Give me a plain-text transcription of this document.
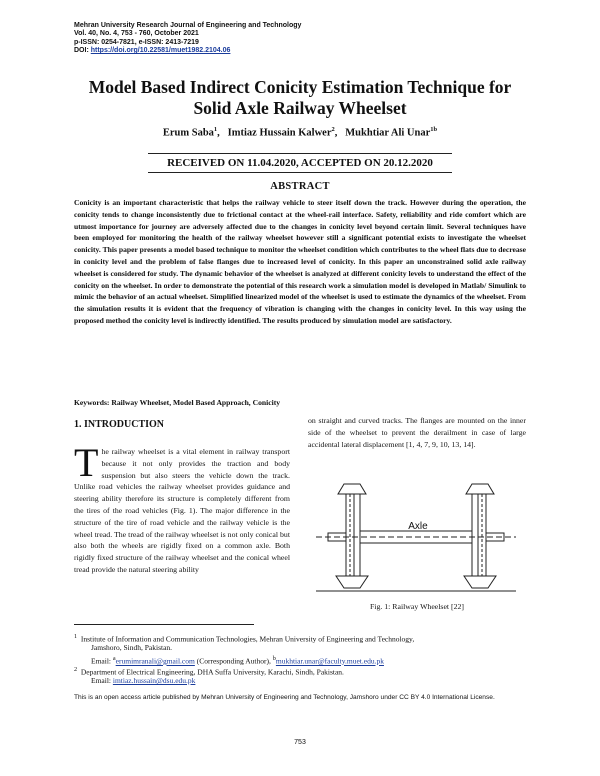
Mehran University Research Journal of Engineering and Technology
Vol. 40, No. 4, 753 - 760, October 2021
p-ISSN: 0254-7821, e-ISSN: 2413-7219
DOI: https://doi.org/10.22581/muet1982.2104.06
Model Based Indirect Conicity Estimation Technique for
Solid Axle Railway Wheelset
Erum Saba$^1$,   Imtiaz Hussain Kalwer$^2$,   Mukhtiar Ali Unar$^{1b}$
RECEIVED ON 11.04.2020, ACCEPTED ON 20.12.2020
ABSTRACT
Conicity is an important characteristic that helps the railway vehicle to steer itself down the track. However during the operation, the conicity tends to change inconsistently due to frictional contact at the wheel-rail interface. Safety, reliability and ride comfort which are utmost importance for journey are adversely affected due to the changes in conicity level beyond certain limit. Several techniques have been employed for monitoring the health of the railway wheelset however still a significant potential exists to investigate the wheelset conicity. This paper presents a model based technique to monitor the wheelset condition which contributes to the wheel flats due to decrease in conicity level and the problem of false flanges due to increased level of conicity. In this paper an unconstrained solid axle railway wheelset is considered for study. The dynamic behavior of the wheelset is analyzed at different conicity levels to understand the effect of the conicity on the wheelset. In order to demonstrate the potential of this research work a simulation model is developed in Matlab/ Simulink to mimic the behavior of an actual wheelset. Simplified linearized model of the wheelset is used to estimate the dynamics of the wheelset. From the simulation results it is evident that the frequency of vibration is changing with the changes in conicity level. In this way using the proposed method the conicity level is indirectly identified. The results produced by simulation model are satisfactory.
Keywords: Railway Wheelset, Model Based Approach, Conicity
1. INTRODUCTION
The railway wheelset is a vital element in railway transport because it not only provides the traction and body suspension but also steers the vehicle down the track. Unlike road vehicles the railway wheelset provides guidance and steering ability therefore its structure is completely different from the tires of the road vehicles (Fig. 1). The major difference in the structure of the tire of road vehicle and the railway vehicle is the wheel tread. The tread of the railway wheelset is not only conical but also both the wheels are rigidly fixed on a common axle. Both rigidly fixed structure of the railway wheelset and the conical wheel tread provide the natural steering ability
on straight and curved tracks. The flanges are mounted on the inner side of the wheelset to prevent the derailment in case of large accidental lateral displacement [1, 4, 7, 9, 10, 13, 14].
Axle
Fig. 1: Railway Wheelset [22]
$^1$ Institute of Information and Communication Technologies, Mehran University of Engineering and Technology,
Jamshoro, Sindh, Pakistan.
Email: $^a$erumimranali@gmail.com (Corresponding Author), $^b$mukhtiar.unar@faculty.muet.edu.pk
$^2$ Department of Electrical Engineering, DHA Suffa University, Karachi, Sindh, Pakistan.
Email: imtiaz.hussain@dsu.edu.pk
This is an open access article published by Mehran University of Engineering and Technology, Jamshoro under CC BY 4.0 International License.
753
